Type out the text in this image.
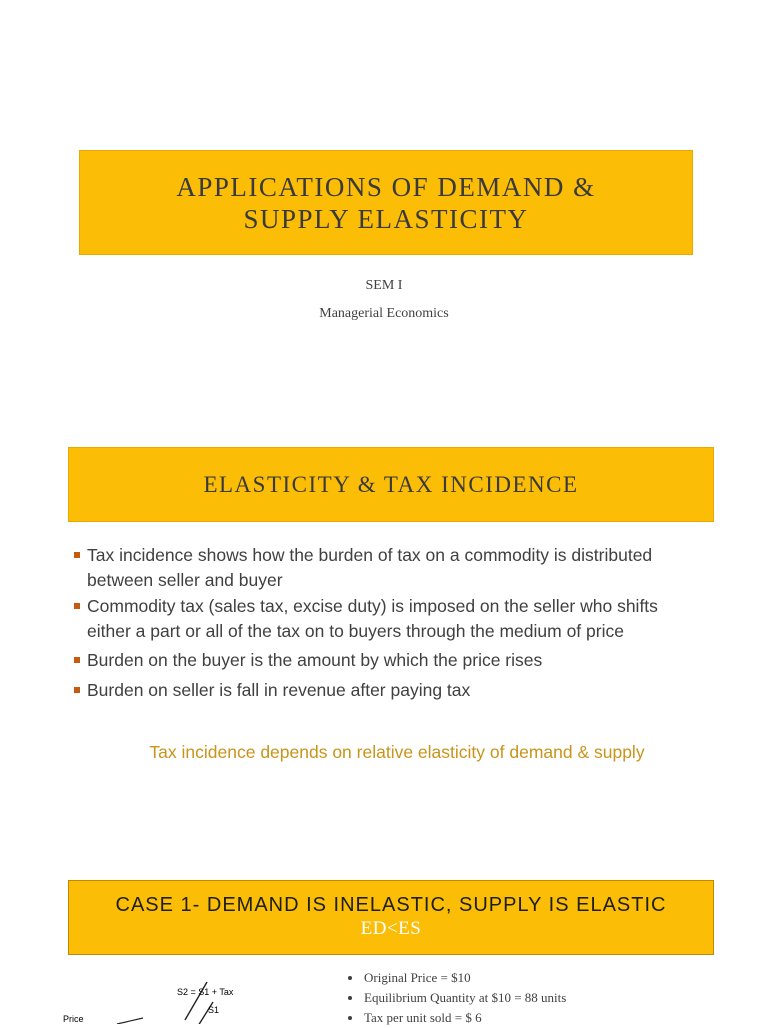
APPLICATIONS OF DEMAND &
SUPPLY ELASTICITY
SEM I
Managerial Economics
ELASTICITY & TAX INCIDENCE
Tax incidence shows how the burden of tax on a commodity is distributed
between seller and buyer
Commodity tax (sales tax, excise duty) is imposed on the seller who shifts
either a part or all of the tax on to buyers through the medium of price
Burden on the buyer is the amount by which the price rises
Burden on seller is fall in revenue after paying tax
Tax incidence depends on relative elasticity of demand & supply
CASE 1- DEMAND IS INELASTIC, SUPPLY IS ELASTIC
ED<ES
Price
S2 = S1 + Tax
S1
Original Price = $10
Equilibrium Quantity at $10 = 88 units
Tax per unit sold = $ 6
